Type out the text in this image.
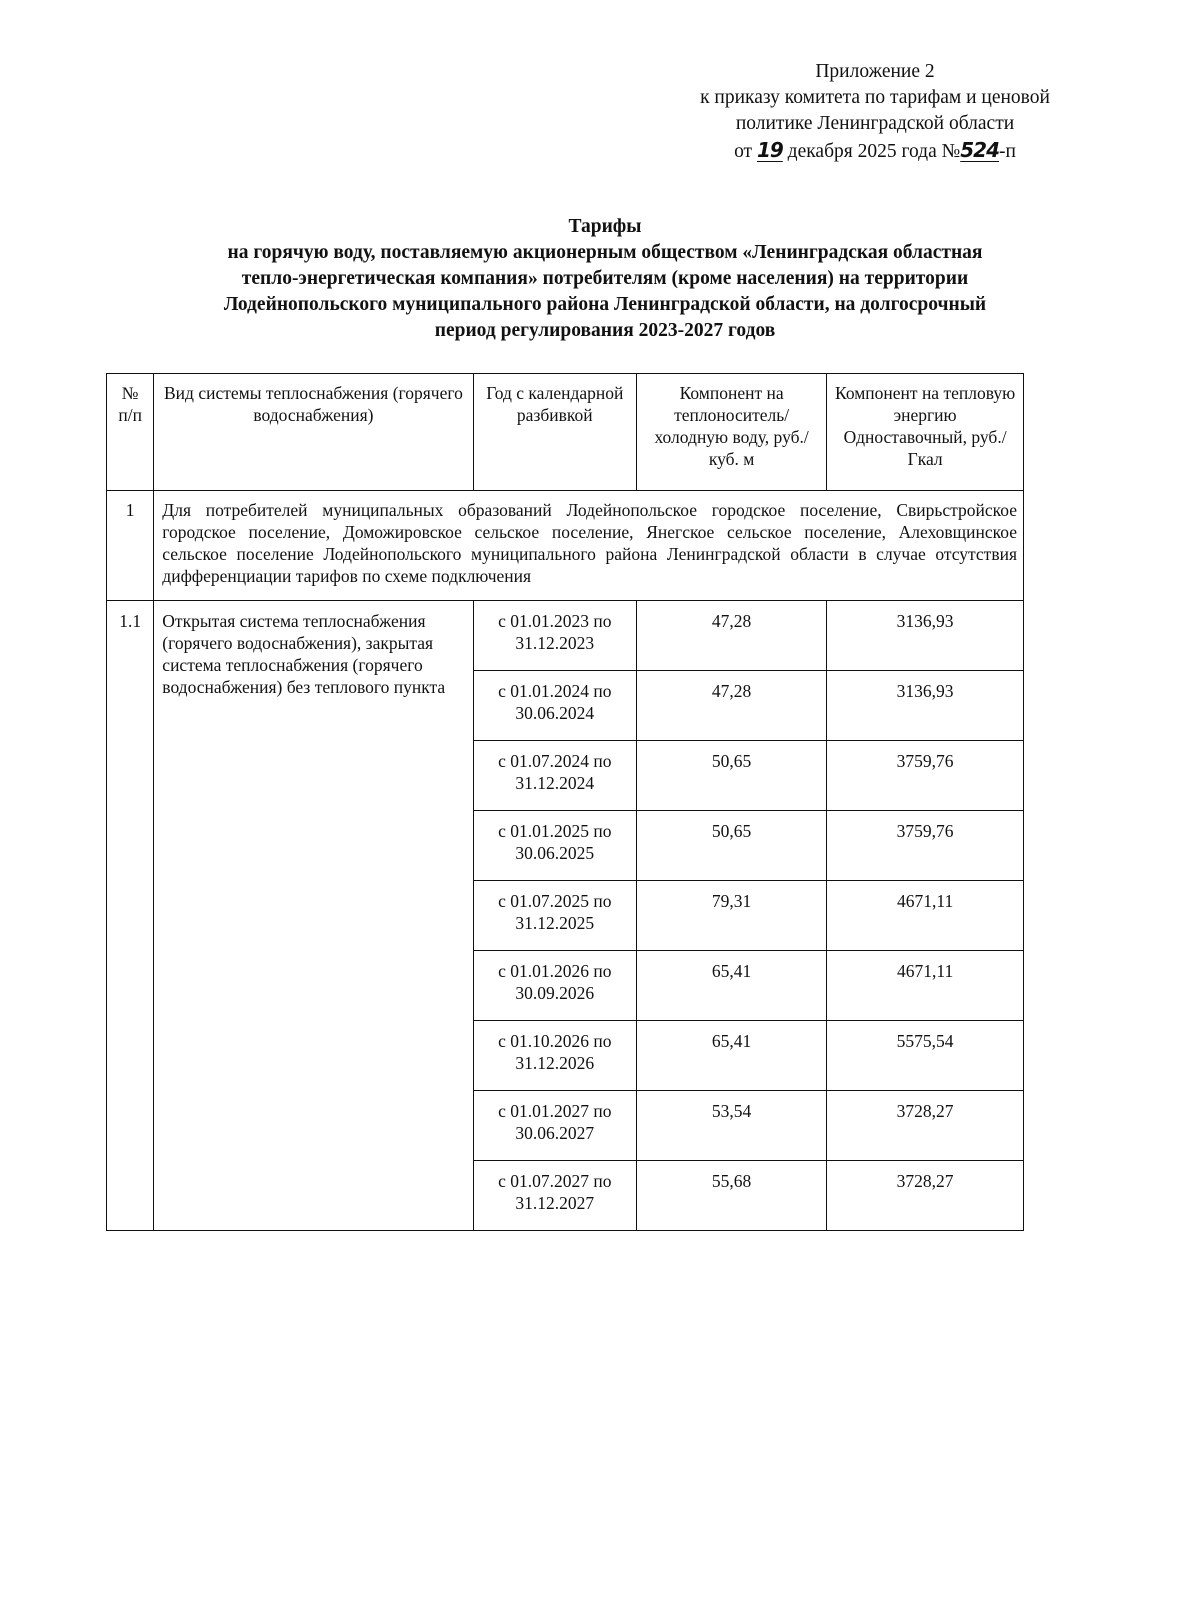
Приложение 2
к приказу комитета по тарифам и ценовой
политике Ленинградской области
от 19 декабря 2025 года №524-п
Тарифы
на горячую воду, поставляемую акционерным обществом «Ленинградская областная
тепло-энергетическая компания» потребителям (кроме населения) на территории
Лодейнопольского муниципального района Ленинградской области, на долгосрочный
период регулирования 2023-2027 годов
№ п/п	Вид системы теплоснабжения (горячего водоснабжения)	Год с календарной разбивкой	Компонент на теплоноситель/холодную воду, руб./куб. м	Компонент на тепловую энергию Одноставочный, руб./Гкал
1	Для потребителей муниципальных образований Лодейнопольское городское поселение, Свирьстройское городское поселение, Доможировское сельское поселение, Янегское сельское поселение, Алеховщинское сельское поселение Лодейнопольского муниципального района Ленинградской области в случае отсутствия дифференциации тарифов по схеме подключения			
1.1	Открытая система теплоснабжения (горячего водоснабжения), закрытая система теплоснабжения (горячего водоснабжения) без теплового пункта	с 01.01.2023 по 31.12.2023	47,28	3136,93
		с 01.01.2024 по 30.06.2024	47,28	3136,93
		с 01.07.2024 по 31.12.2024	50,65	3759,76
		с 01.01.2025 по 30.06.2025	50,65	3759,76
		с 01.07.2025 по 31.12.2025	79,31	4671,11
		с 01.01.2026 по 30.09.2026	65,41	4671,11
		с 01.10.2026 по 31.12.2026	65,41	5575,54
		с 01.01.2027 по 30.06.2027	53,54	3728,27
		с 01.07.2027 по 31.12.2027	55,68	3728,27
